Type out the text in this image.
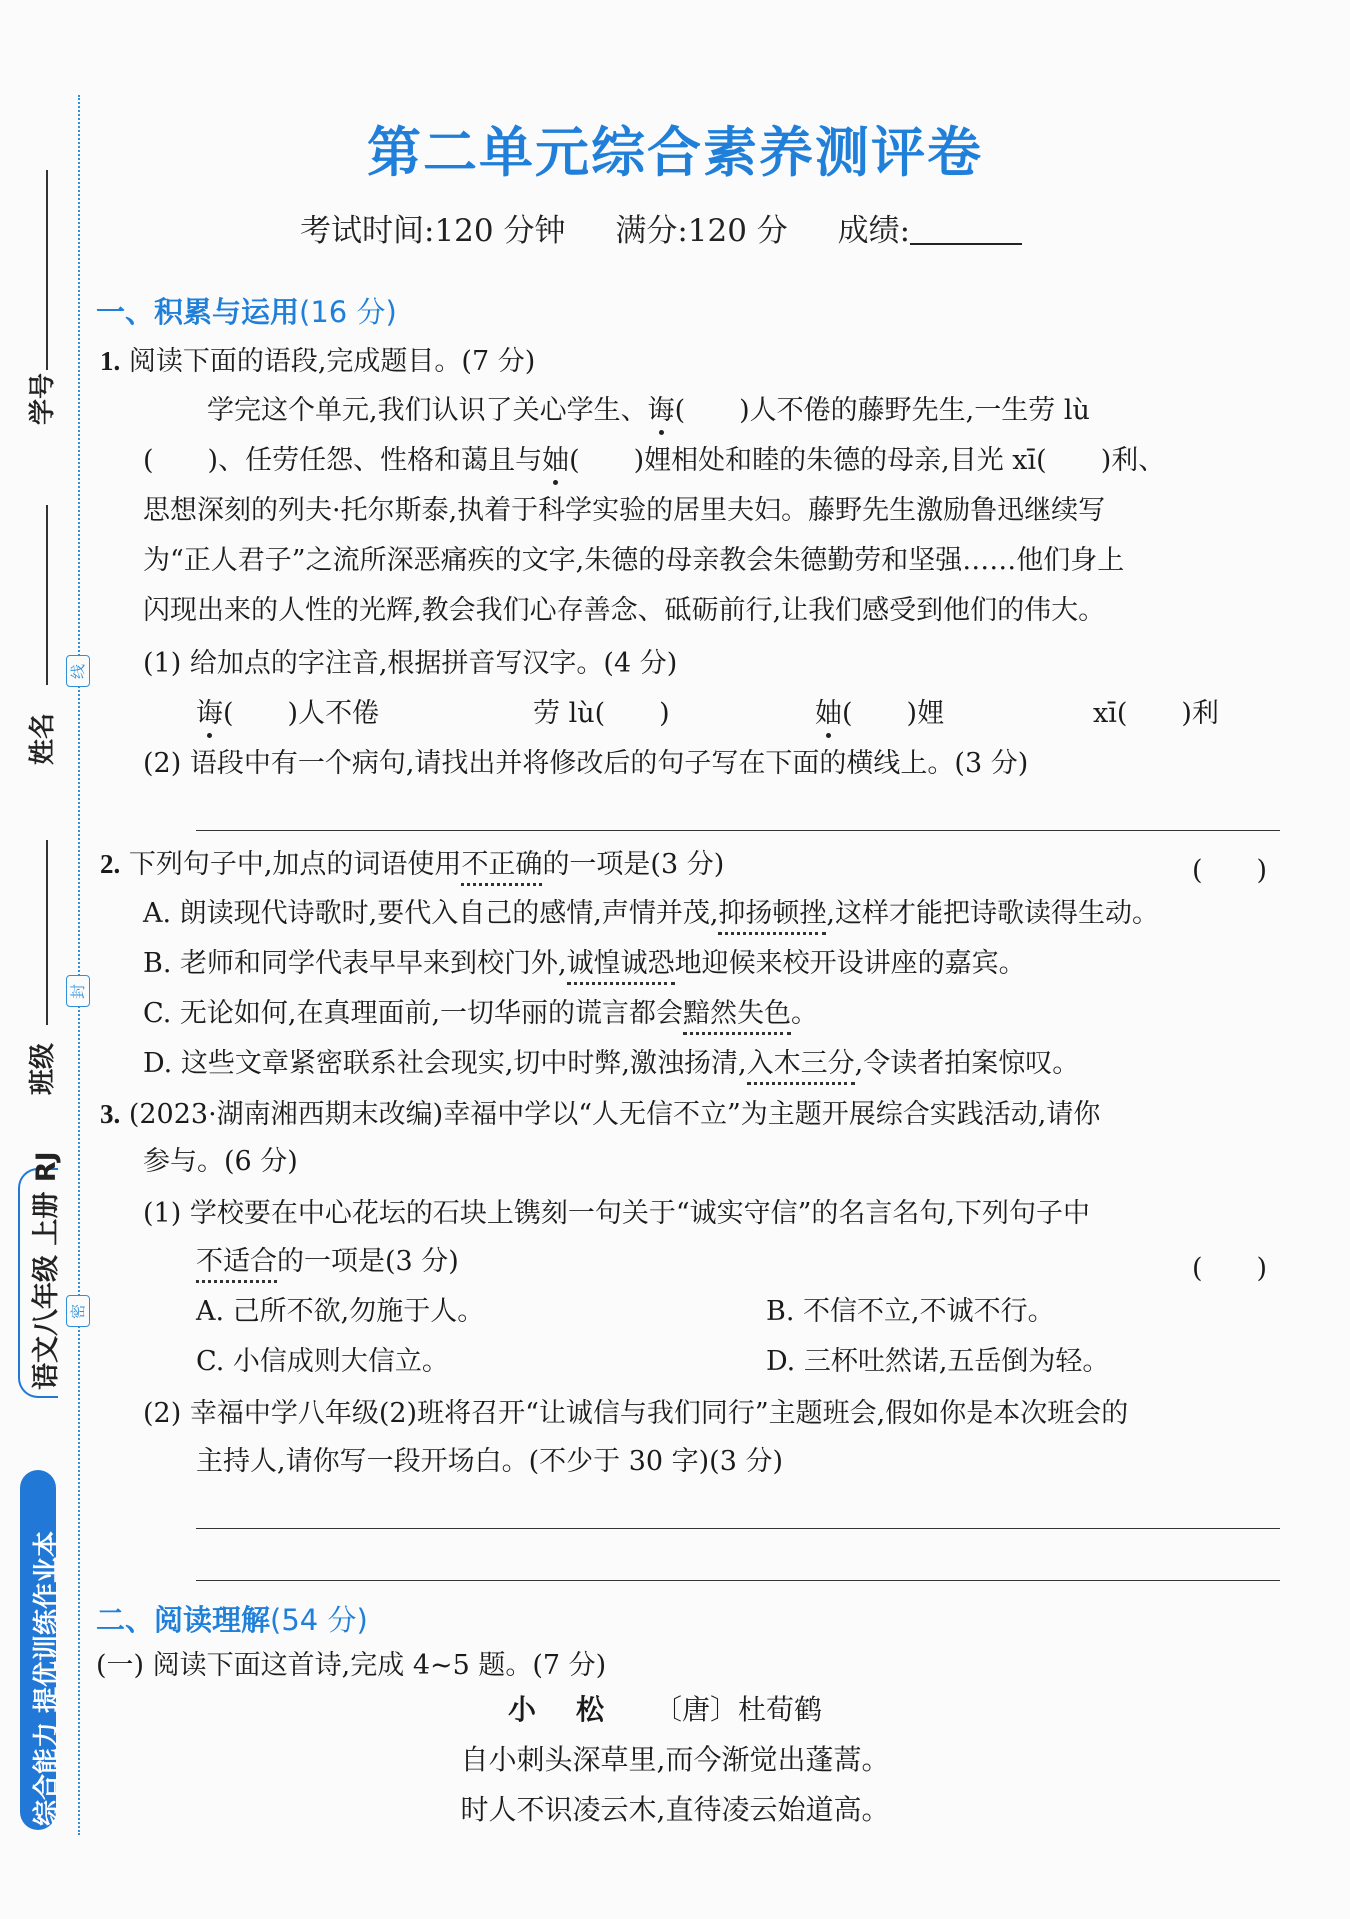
学号
姓名
班级
线
封
密
语文八年级 上册 RJ
综合能力 提优训练作业本
第二单元综合素养测评卷
考试时间:120 分钟 满分:120 分 成绩:
一、积累与运用(16 分)
1. 阅读下面的语段,完成题目。(7 分)
学完这个单元,我们认识了关心学生、诲(　　)人不倦的藤野先生,一生劳 lù
(　　)、任劳任怨、性格和蔼且与妯(　　)娌相处和睦的朱德的母亲,目光 xī(　　)利、
思想深刻的列夫·托尔斯泰,执着于科学实验的居里夫妇。藤野先生激励鲁迅继续写
为“正人君子”之流所深恶痛疾的文字,朱德的母亲教会朱德勤劳和坚强……他们身上
闪现出来的人性的光辉,教会我们心存善念、砥砺前行,让我们感受到他们的伟大。
(1) 给加点的字注音,根据拼音写汉字。(4 分)
诲(　　)人不倦	劳 lù(　　)	妯(　　)娌	xī(　　)利
(2) 语段中有一个病句,请找出并将修改后的句子写在下面的横线上。(3 分)
2. 下列句子中,加点的词语使用不正确的一项是(3 分)	(　　)
A. 朗读现代诗歌时,要代入自己的感情,声情并茂,抑扬顿挫,这样才能把诗歌读得生动。
B. 老师和同学代表早早来到校门外,诚惶诚恐地迎候来校开设讲座的嘉宾。
C. 无论如何,在真理面前,一切华丽的谎言都会黯然失色。
D. 这些文章紧密联系社会现实,切中时弊,激浊扬清,入木三分,令读者拍案惊叹。
3. (2023·湖南湘西期末改编)幸福中学以“人无信不立”为主题开展综合实践活动,请你
参与。(6 分)
(1) 学校要在中心花坛的石块上镌刻一句关于“诚实守信”的名言名句,下列句子中
不适合的一项是(3 分)	(　　)
A. 己所不欲,勿施于人。	B. 不信不立,不诚不行。
C. 小信成则大信立。	D. 三杯吐然诺,五岳倒为轻。
(2) 幸福中学八年级(2)班将召开“让诚信与我们同行”主题班会,假如你是本次班会的
主持人,请你写一段开场白。(不少于 30 字)(3 分)
二、阅读理解(54 分)
(一) 阅读下面这首诗,完成 4~5 题。(7 分)
小松 〔唐〕杜荀鹤
自小刺头深草里,而今渐觉出蓬蒿。
时人不识凌云木,直待凌云始道高。
